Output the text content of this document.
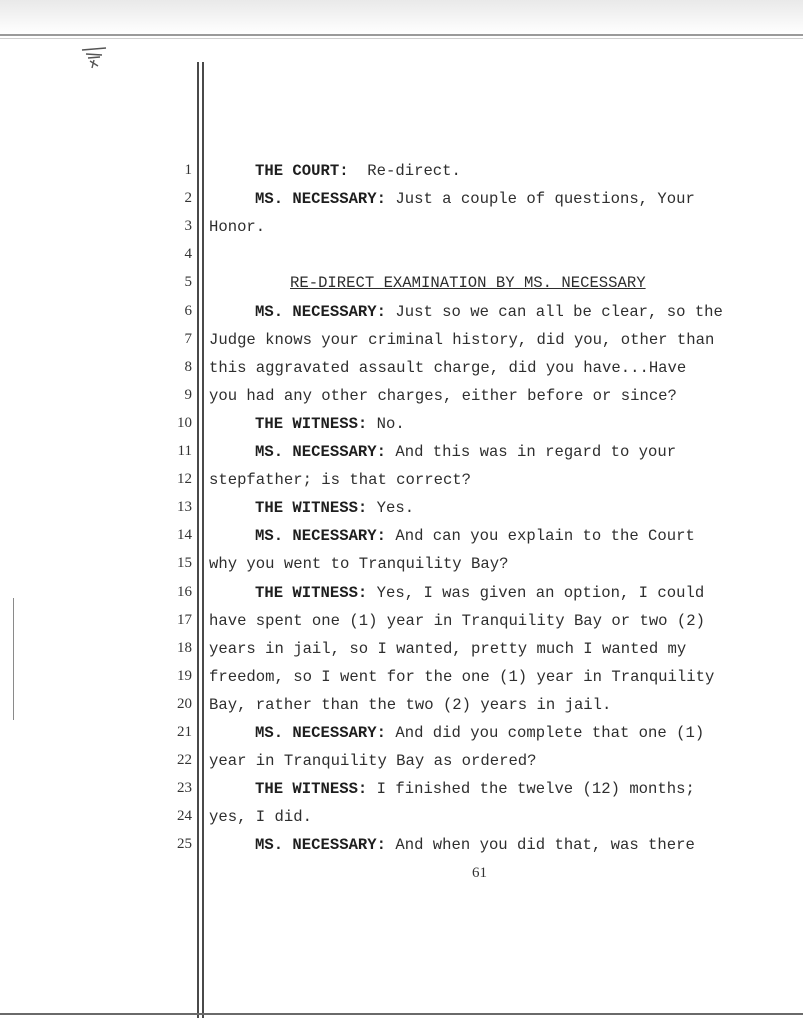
1	THE COURT:  Re-direct.
2	MS. NECESSARY: Just a couple of questions, Your
3 Honor.
4
5	RE-DIRECT EXAMINATION BY MS. NECESSARY
6	MS. NECESSARY: Just so we can all be clear, so the
7 Judge knows your criminal history, did you, other than
8 this aggravated assault charge, did you have...Have
9 you had any other charges, either before or since?
10	THE WITNESS: No.
11	MS. NECESSARY: And this was in regard to your
12 stepfather; is that correct?
13	THE WITNESS: Yes.
14	MS. NECESSARY: And can you explain to the Court
15 why you went to Tranquility Bay?
16	THE WITNESS: Yes, I was given an option, I could
17 have spent one (1) year in Tranquility Bay or two (2)
18 years in jail, so I wanted, pretty much I wanted my
19 freedom, so I went for the one (1) year in Tranquility
20 Bay, rather than the two (2) years in jail.
21	MS. NECESSARY: And did you complete that one (1)
22 year in Tranquility Bay as ordered?
23	THE WITNESS: I finished the twelve (12) months;
24 yes, I did.
25	MS. NECESSARY: And when you did that, was there
61
